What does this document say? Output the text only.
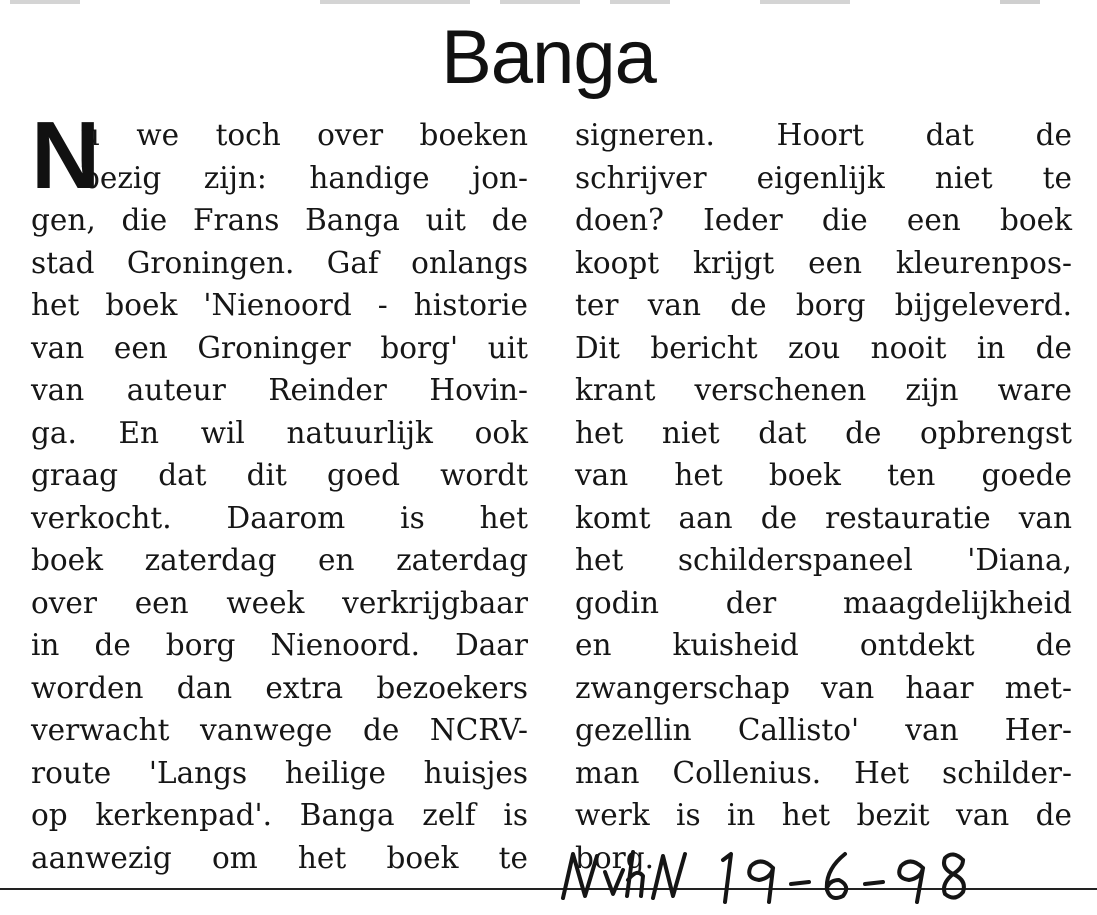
Banga
N
u we toch over boeken
bezig zijn: handige jon-
gen, die Frans Banga uit de
stad Groningen. Gaf onlangs
het boek 'Nienoord - historie
van een Groninger borg' uit
van auteur Reinder Hovin-
ga. En wil natuurlijk ook
graag dat dit goed wordt
verkocht. Daarom is het
boek zaterdag en zaterdag
over een week verkrijgbaar
in de borg Nienoord. Daar
worden dan extra bezoekers
verwacht vanwege de NCRV-
route 'Langs heilige huisjes
op kerkenpad'. Banga zelf is
aanwezig om het boek te
signeren. Hoort dat de
schrijver eigenlijk niet te
doen? Ieder die een boek
koopt krijgt een kleurenpos-
ter van de borg bijgeleverd.
Dit bericht zou nooit in de
krant verschenen zijn ware
het niet dat de opbrengst
van het boek ten goede
komt aan de restauratie van
het schilderspaneel 'Diana,
godin der maagdelijkheid
en kuisheid ontdekt de
zwangerschap van haar met-
gezellin Callisto' van Her-
man Collenius. Het schilder-
werk is in het bezit van de
borg.
